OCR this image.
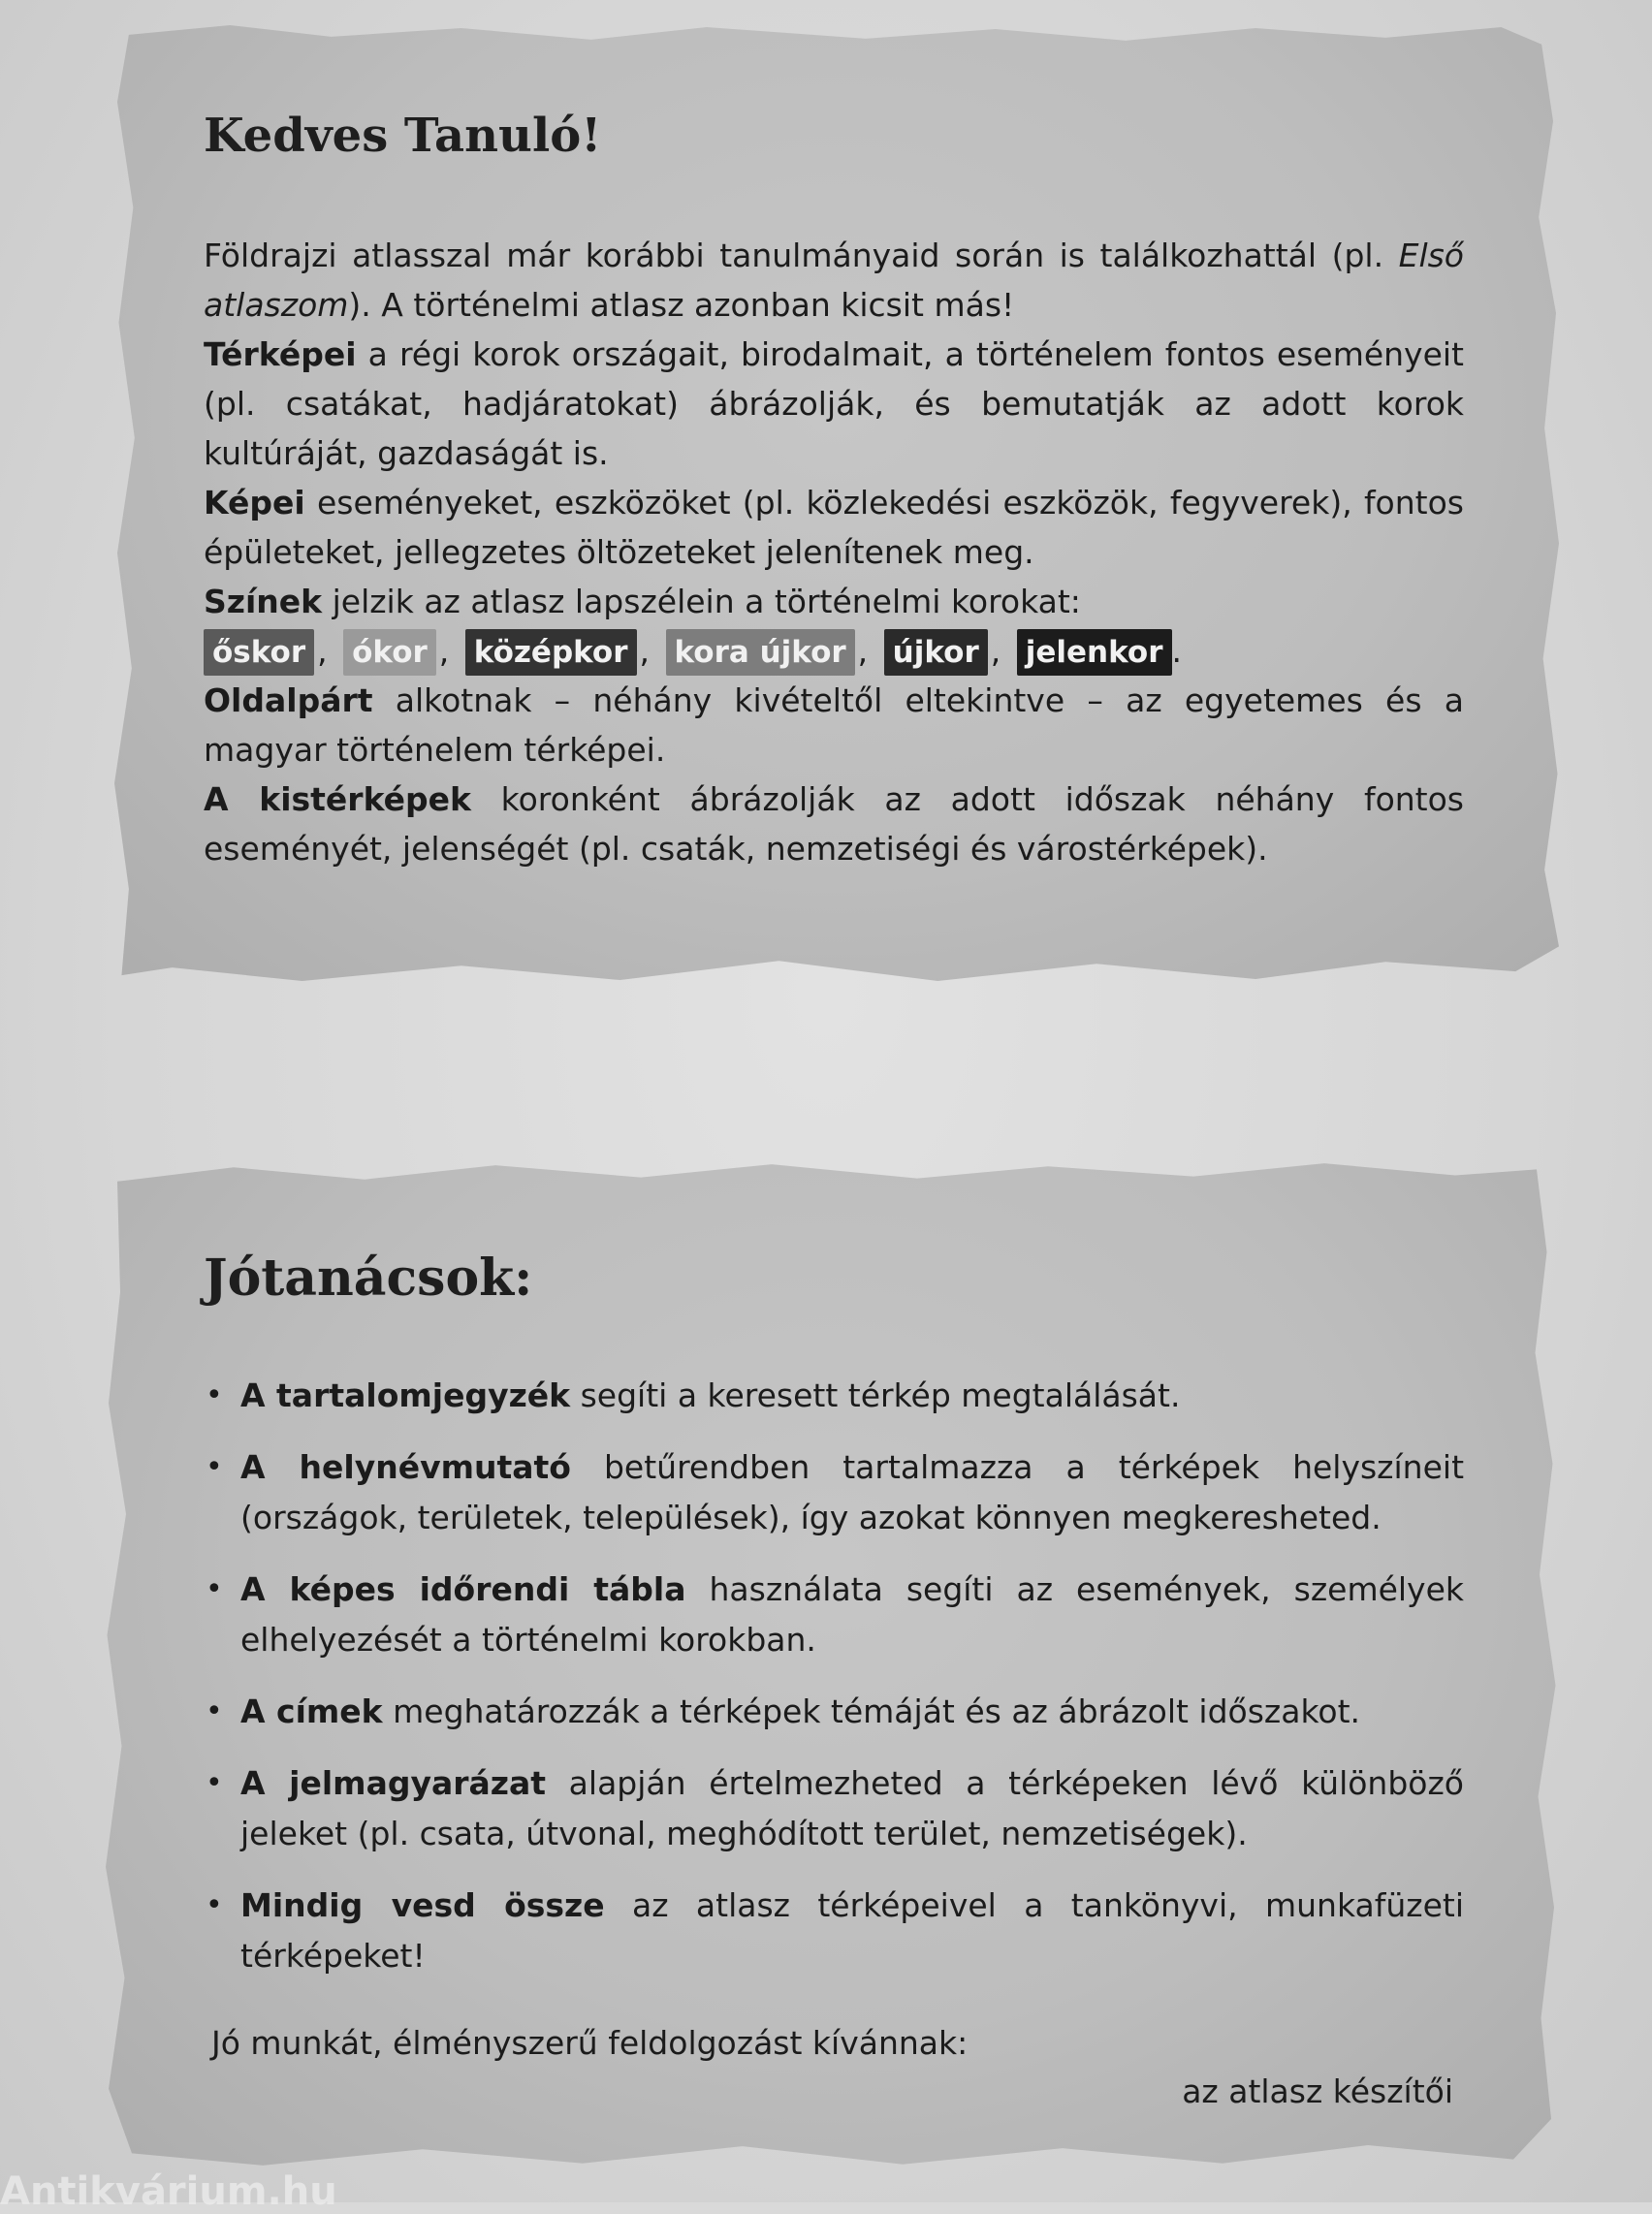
Kedves Tanuló!

Földrajzi atlasszal már korábbi tanulmányaid során is találkozhattál (pl. Első atlaszom). A történelmi atlasz azonban kicsit más!

Térképei a régi korok országait, birodalmait, a történelem fontos eseményeit (pl. csatákat, hadjáratokat) ábrázolják, és bemutatják az adott korok kultúráját, gazdaságát is.

Képei eseményeket, eszközöket (pl. közlekedési eszközök, fegyverek), fontos épületeket, jellegzetes öltözeteket jelenítenek meg.

Színek jelzik az atlasz lapszélein a történelmi korokat:

őskor , ókor , középkor , kora újkor , újkor , jelenkor .

Oldalpárt alkotnak – néhány kivételtől eltekintve – az egyetemes és a magyar történelem térképei.

A kistérképek koronként ábrázolják az adott időszak néhány fontos eseményét, jelenségét (pl. csaták, nemzetiségi és várostérképek).

Jótanácsok:
• A tartalomjegyzék segíti a keresett térkép megtalálását.
• A helynévmutató betűrendben tartalmazza a térképek helyszíneit (országok, területek, települések), így azokat könnyen megkeresheted.
• A képes időrendi tábla használata segíti az események, személyek elhelyezését a történelmi korokban.
• A címek meghatározzák a térképek témáját és az ábrázolt időszakot.
• A jelmagyarázat alapján értelmezheted a térképeken lévő különböző jeleket (pl. csata, útvonal, meghódított terület, nemzetiségek).
• Mindig vesd össze az atlasz térképeivel a tankönyvi, munkafüzeti térképeket!
Jó munkát, élményszerű feldolgozást kívánnak:
az atlasz készítői
Antikvárium.hu
